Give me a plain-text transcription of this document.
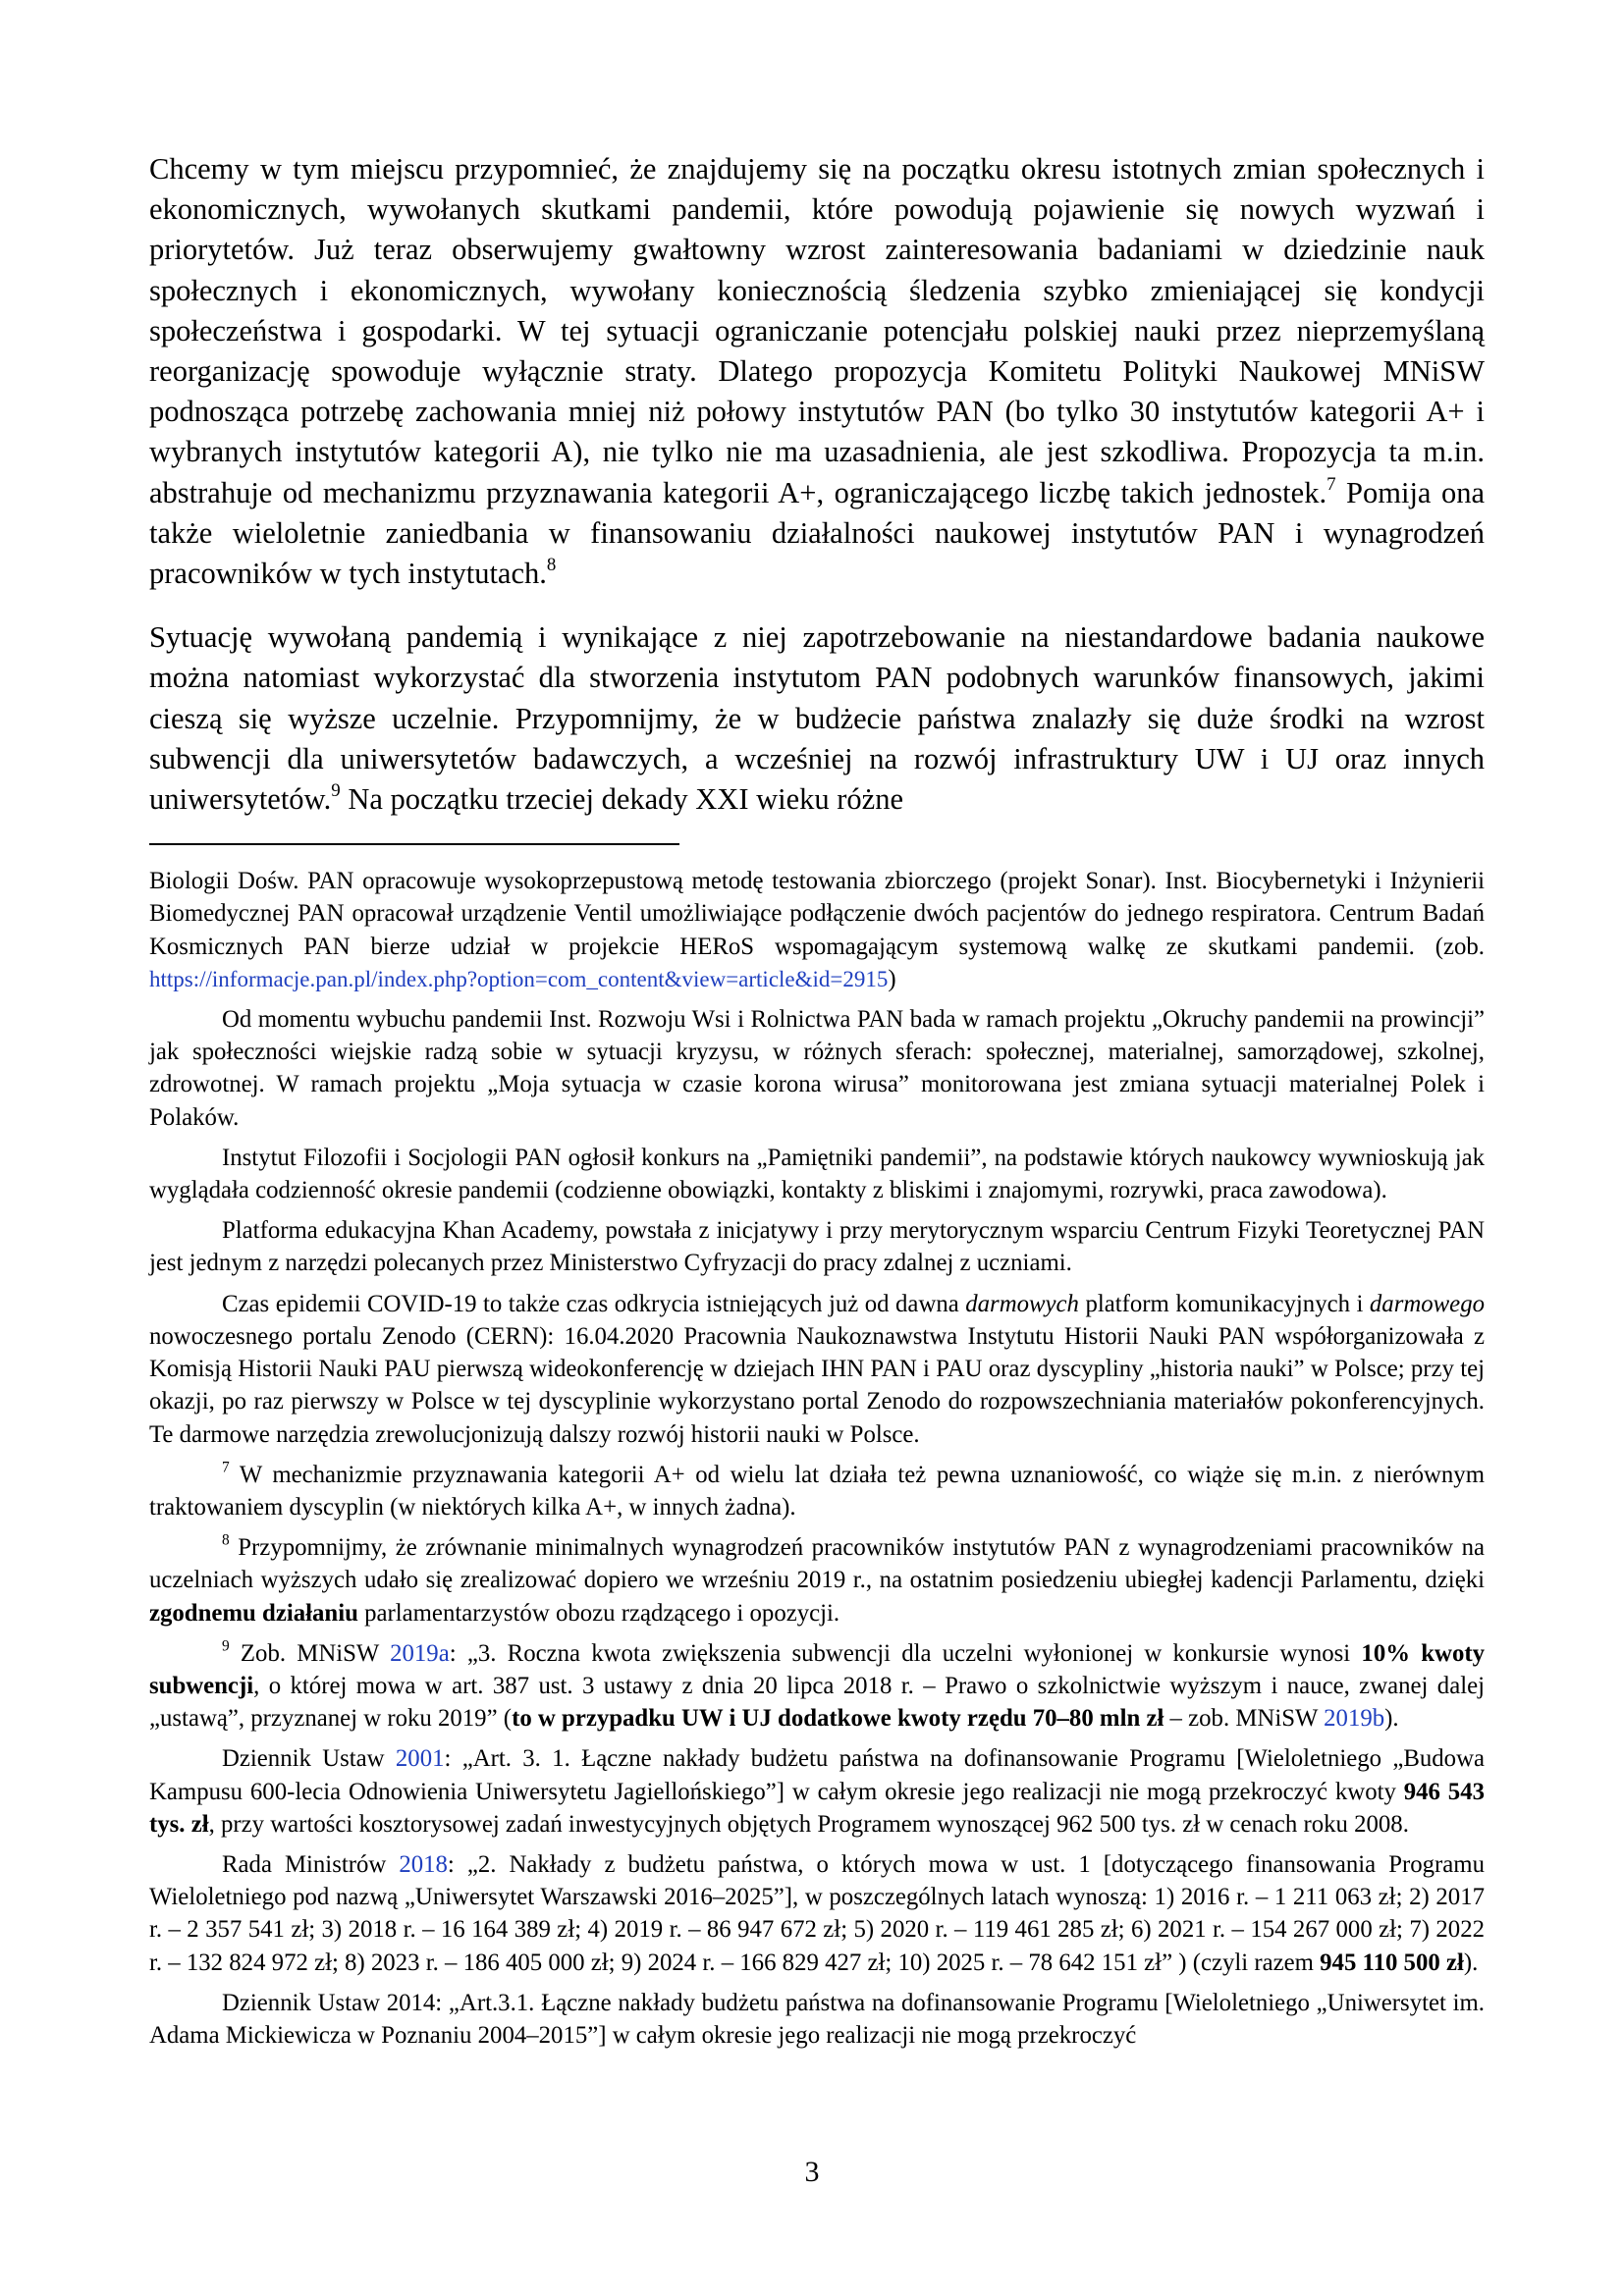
Chcemy w tym miejscu przypomnieć, że znajdujemy się na początku okresu istotnych zmian społecznych i ekonomicznych, wywołanych skutkami pandemii, które powodują pojawienie się nowych wyzwań i priorytetów. Już teraz obserwujemy gwałtowny wzrost zainteresowania badaniami w dziedzinie nauk społecznych i ekonomicznych, wywołany koniecznością śledzenia szybko zmieniającej się kondycji społeczeństwa i gospodarki. W tej sytuacji ograniczanie potencjału polskiej nauki przez nieprzemyślaną reorganizację spowoduje wyłącznie straty. Dlatego propozycja Komitetu Polityki Naukowej MNiSW podnosząca potrzebę zachowania mniej niż połowy instytutów PAN (bo tylko 30 instytutów kategorii A+ i wybranych instytutów kategorii A), nie tylko nie ma uzasadnienia, ale jest szkodliwa. Propozycja ta m.in. abstrahuje od mechanizmu przyznawania kategorii A+, ograniczającego liczbę takich jednostek.$^7$ Pomija ona także wieloletnie zaniedbania w finansowaniu działalności naukowej instytutów PAN i wynagrodzeń pracowników w tych instytutach.$^8$

Sytuację wywołaną pandemią i wynikające z niej zapotrzebowanie na niestandardowe badania naukowe można natomiast wykorzystać dla stworzenia instytutom PAN podobnych warunków finansowych, jakimi cieszą się wyższe uczelnie. Przypomnijmy, że w budżecie państwa znalazły się duże środki na wzrost subwencji dla uniwersytetów badawczych, a wcześniej na rozwój infrastruktury UW i UJ oraz innych uniwersytetów.$^9$ Na początku trzeciej dekady XXI wieku różne

Biologii Dośw. PAN opracowuje wysokoprzepustową metodę testowania zbiorczego (projekt Sonar). Inst. Biocybernetyki i Inżynierii Biomedycznej PAN opracował urządzenie Ventil umożliwiające podłączenie dwóch pacjentów do jednego respiratora. Centrum Badań Kosmicznych PAN bierze udział w projekcie HERoS wspomagającym systemową walkę ze skutkami pandemii. (zob. https://informacje.pan.pl/index.php?option=com_content&view=article&id=2915)

Od momentu wybuchu pandemii Inst. Rozwoju Wsi i Rolnictwa PAN bada w ramach projektu „Okruchy pandemii na prowincji” jak społeczności wiejskie radzą sobie w sytuacji kryzysu, w różnych sferach: społecznej, materialnej, samorządowej, szkolnej, zdrowotnej. W ramach projektu „Moja sytuacja w czasie korona wirusa” monitorowana jest zmiana sytuacji materialnej Polek i Polaków.

Instytut Filozofii i Socjologii PAN ogłosił konkurs na „Pamiętniki pandemii”, na podstawie których naukowcy wywnioskują jak wyglądała codzienność okresie pandemii (codzienne obowiązki, kontakty z bliskimi i znajomymi, rozrywki, praca zawodowa).

Platforma edukacyjna Khan Academy, powstała z inicjatywy i przy merytorycznym wsparciu Centrum Fizyki Teoretycznej PAN jest jednym z narzędzi polecanych przez Ministerstwo Cyfryzacji do pracy zdalnej z uczniami.

Czas epidemii COVID-19 to także czas odkrycia istniejących już od dawna darmowych platform komunikacyjnych i darmowego nowoczesnego portalu Zenodo (CERN): 16.04.2020 Pracownia Naukoznawstwa Instytutu Historii Nauki PAN współorganizowała z Komisją Historii Nauki PAU pierwszą wideokonferencję w dziejach IHN PAN i PAU oraz dyscypliny „historia nauki” w Polsce; przy tej okazji, po raz pierwszy w Polsce w tej dyscyplinie wykorzystano portal Zenodo do rozpowszechniania materiałów pokonferencyjnych. Te darmowe narzędzia zrewolucjonizują dalszy rozwój historii nauki w Polsce.

$^7$ W mechanizmie przyznawania kategorii A+ od wielu lat działa też pewna uznaniowość, co wiąże się m.in. z nierównym traktowaniem dyscyplin (w niektórych kilka A+, w innych żadna).

$^8$ Przypomnijmy, że zrównanie minimalnych wynagrodzeń pracowników instytutów PAN z wynagrodzeniami pracowników na uczelniach wyższych udało się zrealizować dopiero we wrześniu 2019 r., na ostatnim posiedzeniu ubiegłej kadencji Parlamentu, dzięki zgodnemu działaniu parlamentarzystów obozu rządzącego i opozycji.

$^9$ Zob. MNiSW 2019a: „3. Roczna kwota zwiększenia subwencji dla uczelni wyłonionej w konkursie wynosi 10% kwoty subwencji, o której mowa w art. 387 ust. 3 ustawy z dnia 20 lipca 2018 r. – Prawo o szkolnictwie wyższym i nauce, zwanej dalej „ustawą”, przyznanej w roku 2019” (to w przypadku UW i UJ dodatkowe kwoty rzędu 70–80 mln zł – zob. MNiSW 2019b).

Dziennik Ustaw 2001: „Art. 3. 1. Łączne nakłady budżetu państwa na dofinansowanie Programu [Wieloletniego „Budowa Kampusu 600-lecia Odnowienia Uniwersytetu Jagiellońskiego”] w całym okresie jego realizacji nie mogą przekroczyć kwoty 946 543 tys. zł, przy wartości kosztorysowej zadań inwestycyjnych objętych Programem wynoszącej 962 500 tys. zł w cenach roku 2008.

Rada Ministrów 2018: „2. Nakłady z budżetu państwa, o których mowa w ust. 1 [dotyczącego finansowania Programu Wieloletniego pod nazwą „Uniwersytet Warszawski 2016–2025”], w poszczególnych latach wynoszą: 1) 2016 r. – 1 211 063 zł; 2) 2017 r. – 2 357 541 zł; 3) 2018 r. – 16 164 389 zł; 4) 2019 r. – 86 947 672 zł; 5) 2020 r. – 119 461 285 zł; 6) 2021 r. – 154 267 000 zł; 7) 2022 r. – 132 824 972 zł; 8) 2023 r. – 186 405 000 zł; 9) 2024 r. – 166 829 427 zł; 10) 2025 r. – 78 642 151 zł” ) (czyli razem 945 110 500 zł).

Dziennik Ustaw 2014: „Art.3.1. Łączne nakłady budżetu państwa na dofinansowanie Programu [Wieloletniego „Uniwersytet im. Adama Mickiewicza w Poznaniu 2004–2015”] w całym okresie jego realizacji nie mogą przekroczyć

3
